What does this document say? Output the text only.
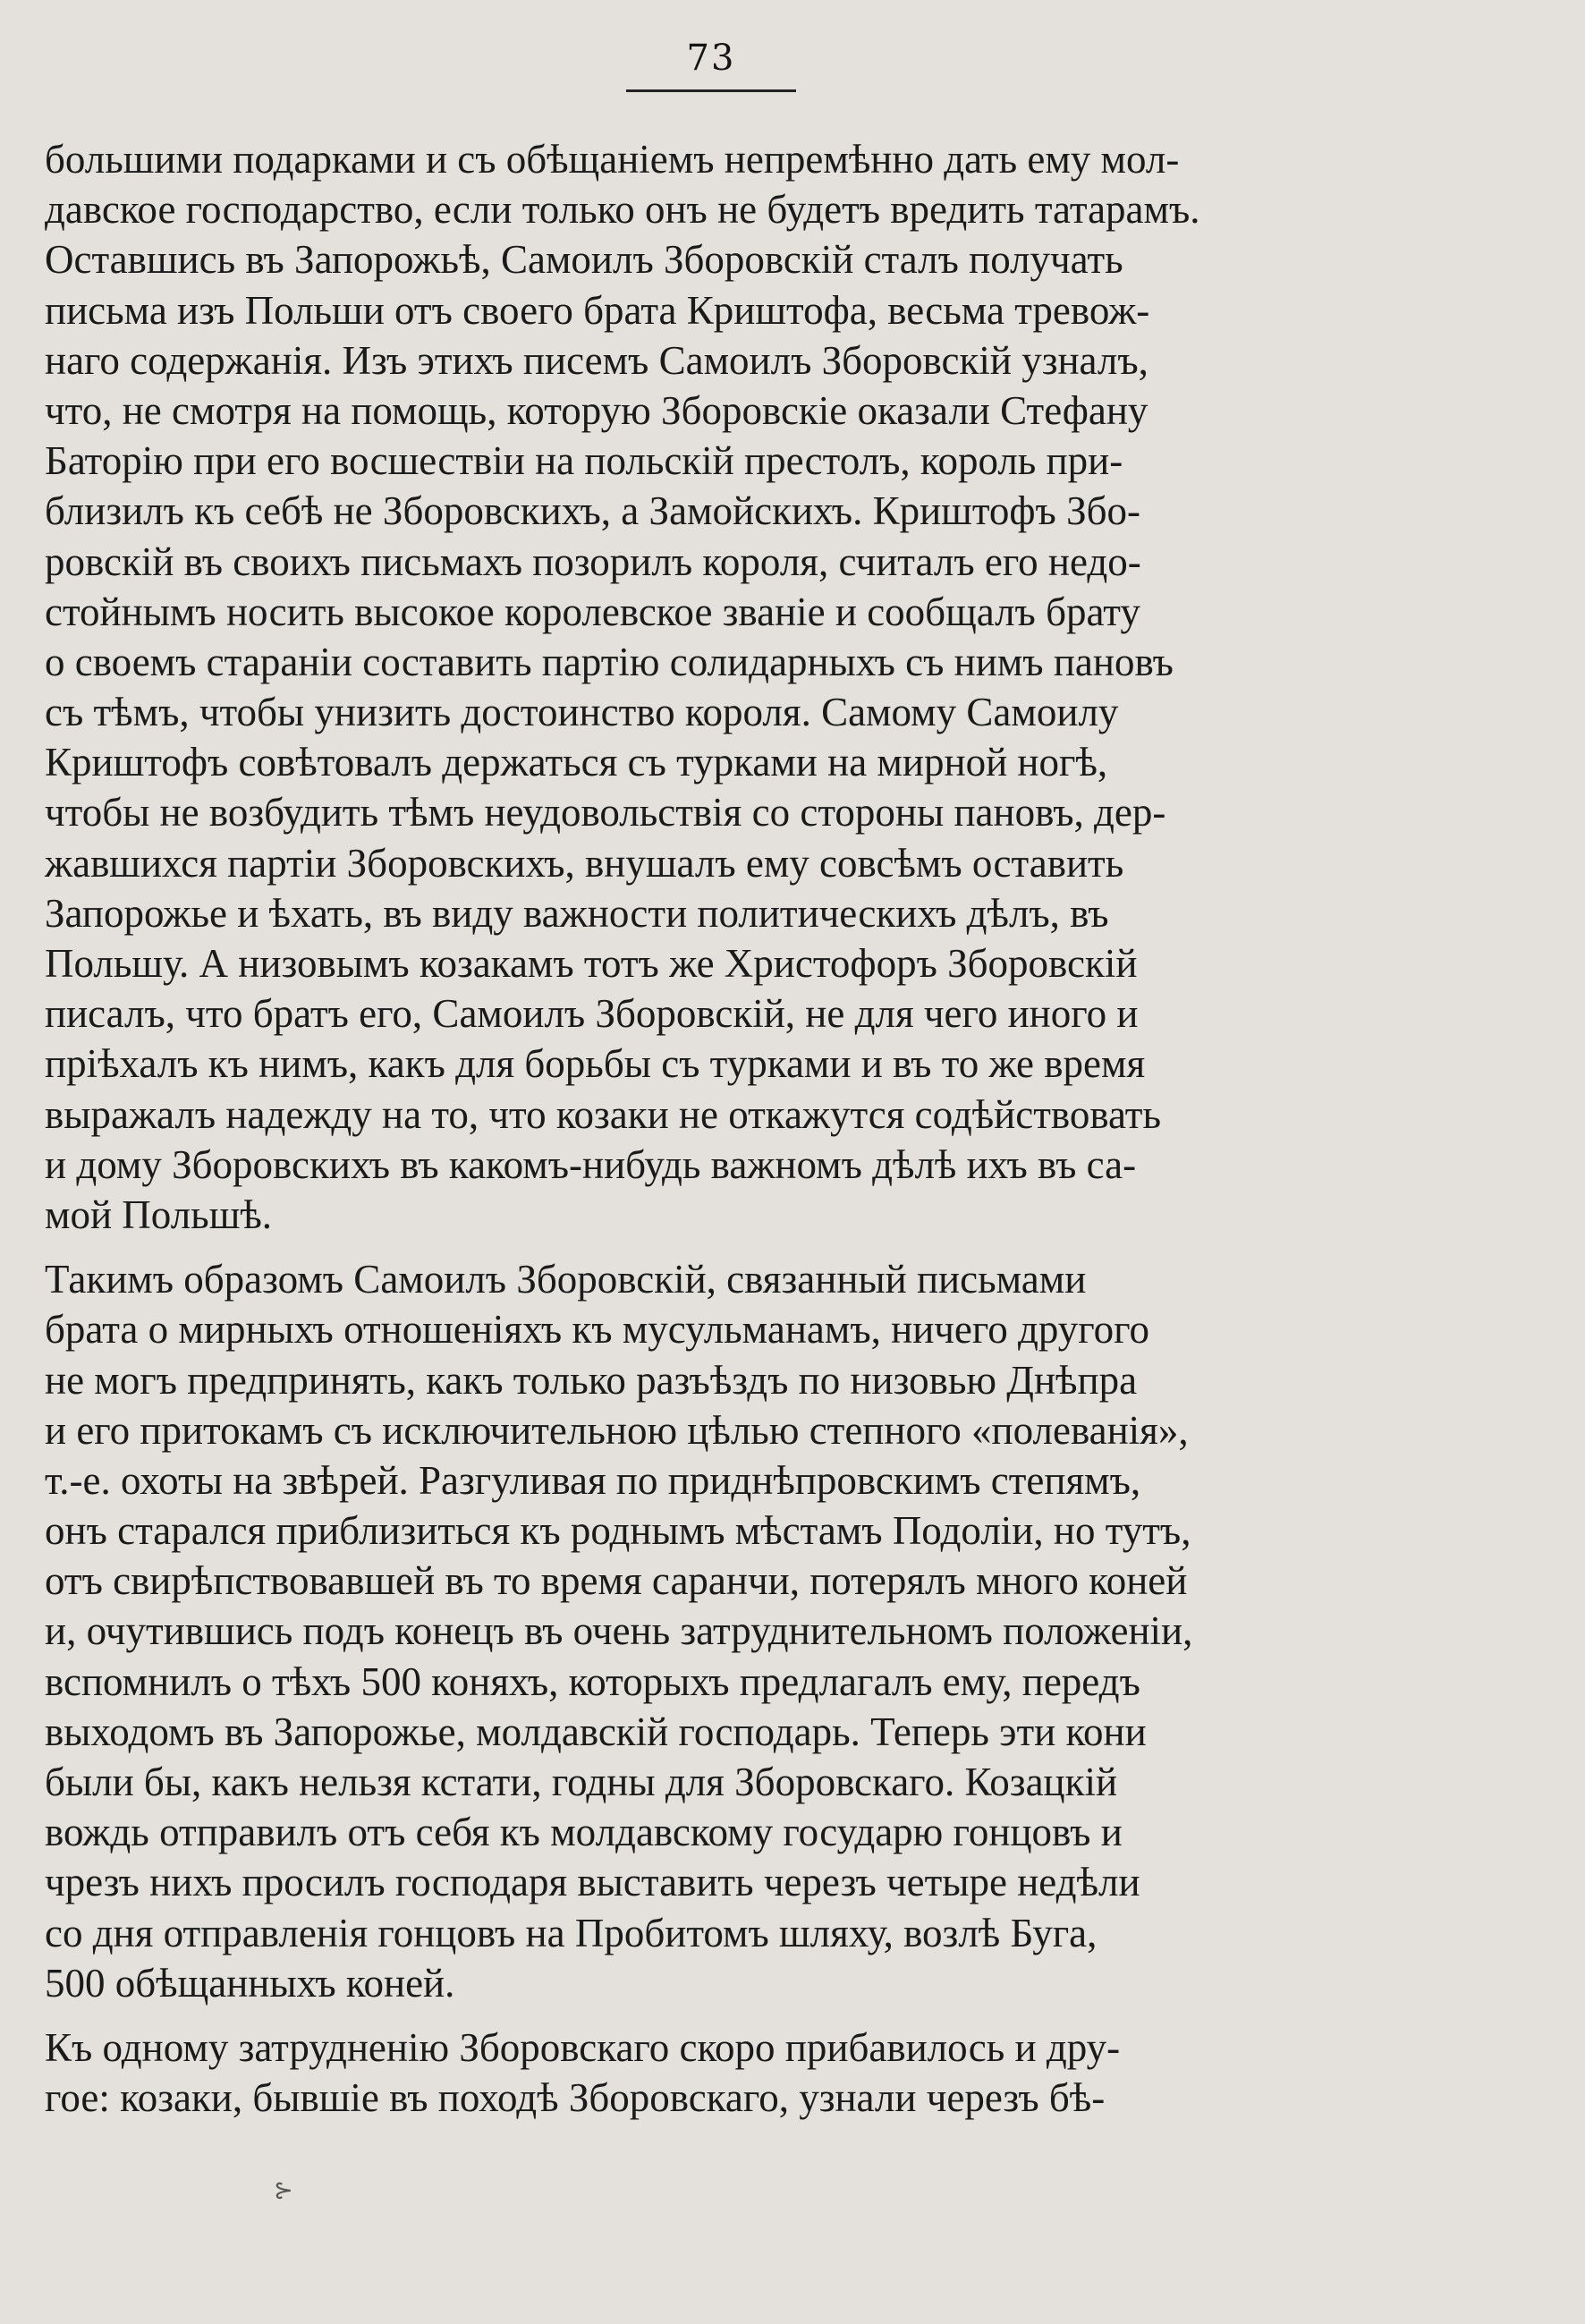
73
большими подарками и съ обѣщаніемъ непремѣнно дать ему мол-
давское господарство, если только онъ не будетъ вредить татарамъ.
Оставшись въ Запорожьѣ, Самоилъ Зборовскій сталъ получать
письма изъ Польши отъ своего брата Криштофа, весьма тревож-
наго содержанія. Изъ этихъ писемъ Самоилъ Зборовскій узналъ,
что, не смотря на помощь, которую Зборовскіе оказали Стефану
Баторію при его восшествіи на польскій престолъ, король при-
близилъ къ себѣ не Зборовскихъ, а Замойскихъ. Криштофъ Збо-
ровскій въ своихъ письмахъ позорилъ короля, считалъ его недо-
стойнымъ носить высокое королевское званіе и сообщалъ брату
о своемъ стараніи составить партію солидарныхъ съ нимъ пановъ
съ тѣмъ, чтобы унизить достоинство короля. Самому Самоилу
Криштофъ совѣтовалъ держаться съ турками на мирной ногѣ,
чтобы не возбудить тѣмъ неудовольствія со стороны пановъ, дер-
жавшихся партіи Зборовскихъ, внушалъ ему совсѣмъ оставить
Запорожье и ѣхать, въ виду важности политическихъ дѣлъ, въ
Польшу. А низовымъ козакамъ тотъ же Христофоръ Зборовскій
писалъ, что братъ его, Самоилъ Зборовскій, не для чего иного и
пріѣхалъ къ нимъ, какъ для борьбы съ турками и въ то же время
выражалъ надежду на то, что козаки не откажутся содѣйствовать
и дому Зборовскихъ въ какомъ-нибудь важномъ дѣлѣ ихъ въ са-
мой Польшѣ.
Такимъ образомъ Самоилъ Зборовскій, связанный письмами
брата о мирныхъ отношеніяхъ къ мусульманамъ, ничего другого
не могъ предпринять, какъ только разъѣздъ по низовью Днѣпра
и его притокамъ съ исключительною цѣлью степного «полеванія»,
т.-е. охоты на звѣрей. Разгуливая по приднѣпровскимъ степямъ,
онъ старался приблизиться къ роднымъ мѣстамъ Подоліи, но тутъ,
отъ свирѣпствовавшей въ то время саранчи, потерялъ много коней
и, очутившись подъ конецъ въ очень затруднительномъ положеніи,
вспомнилъ о тѣхъ 500 коняхъ, которыхъ предлагалъ ему, передъ
выходомъ въ Запорожье, молдавскій господарь. Теперь эти кони
были бы, какъ нельзя кстати, годны для Зборовскаго. Козацкій
вождь отправилъ отъ себя къ молдавскому государю гонцовъ и
чрезъ нихъ просилъ господаря выставить черезъ четыре недѣли
со дня отправленія гонцовъ на Пробитомъ шляху, возлѣ Буга,
500 обѣщанныхъ коней.
Къ одному затрудненію Зборовскаго скоро прибавилось и дру-
гое: козаки, бывшіе въ походѣ Зборовскаго, узнали черезъ бѣ-
⊱
